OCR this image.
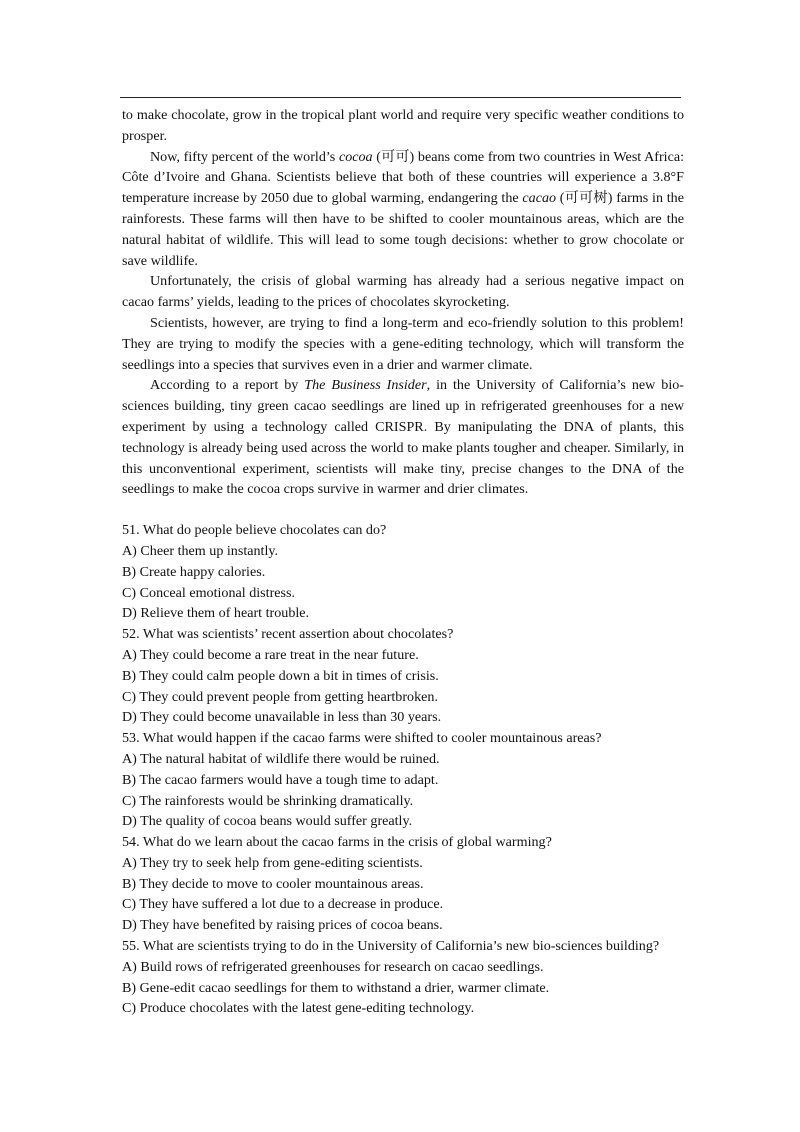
to make chocolate, grow in the tropical plant world and require very specific weather conditions to prosper.

Now, fifty percent of the world’s cocoa (可可) beans come from two countries in West Africa: Côte d’Ivoire and Ghana. Scientists believe that both of these countries will experience a 3.8°F temperature increase by 2050 due to global warming, endangering the cacao (可可树) farms in the rainforests. These farms will then have to be shifted to cooler mountainous areas, which are the natural habitat of wildlife. This will lead to some tough decisions: whether to grow chocolate or save wildlife.

Unfortunately, the crisis of global warming has already had a serious negative impact on cacao farms’ yields, leading to the prices of chocolates skyrocketing.

Scientists, however, are trying to find a long-term and eco-friendly solution to this problem! They are trying to modify the species with a gene-editing technology, which will transform the seedlings into a species that survives even in a drier and warmer climate.

According to a report by The Business Insider, in the University of California’s new bio-sciences building, tiny green cacao seedlings are lined up in refrigerated greenhouses for a new experiment by using a technology called CRISPR. By manipulating the DNA of plants, this technology is already being used across the world to make plants tougher and cheaper. Similarly, in this unconventional experiment, scientists will make tiny, precise changes to the DNA of the seedlings to make the cocoa crops survive in warmer and drier climates.

51. What do people believe chocolates can do?

A) Cheer them up instantly.

B) Create happy calories.

C) Conceal emotional distress.

D) Relieve them of heart trouble.

52. What was scientists’ recent assertion about chocolates?

A) They could become a rare treat in the near future.

B) They could calm people down a bit in times of crisis.

C) They could prevent people from getting heartbroken.

D) They could become unavailable in less than 30 years.

53. What would happen if the cacao farms were shifted to cooler mountainous areas?

A) The natural habitat of wildlife there would be ruined.

B) The cacao farmers would have a tough time to adapt.

C) The rainforests would be shrinking dramatically.

D) The quality of cocoa beans would suffer greatly.

54. What do we learn about the cacao farms in the crisis of global warming?

A) They try to seek help from gene-editing scientists.

B) They decide to move to cooler mountainous areas.

C) They have suffered a lot due to a decrease in produce.

D) They have benefited by raising prices of cocoa beans.

55. What are scientists trying to do in the University of California’s new bio-sciences building?

A) Build rows of refrigerated greenhouses for research on cacao seedlings.

B) Gene-edit cacao seedlings for them to withstand a drier, warmer climate.

C) Produce chocolates with the latest gene-editing technology.
